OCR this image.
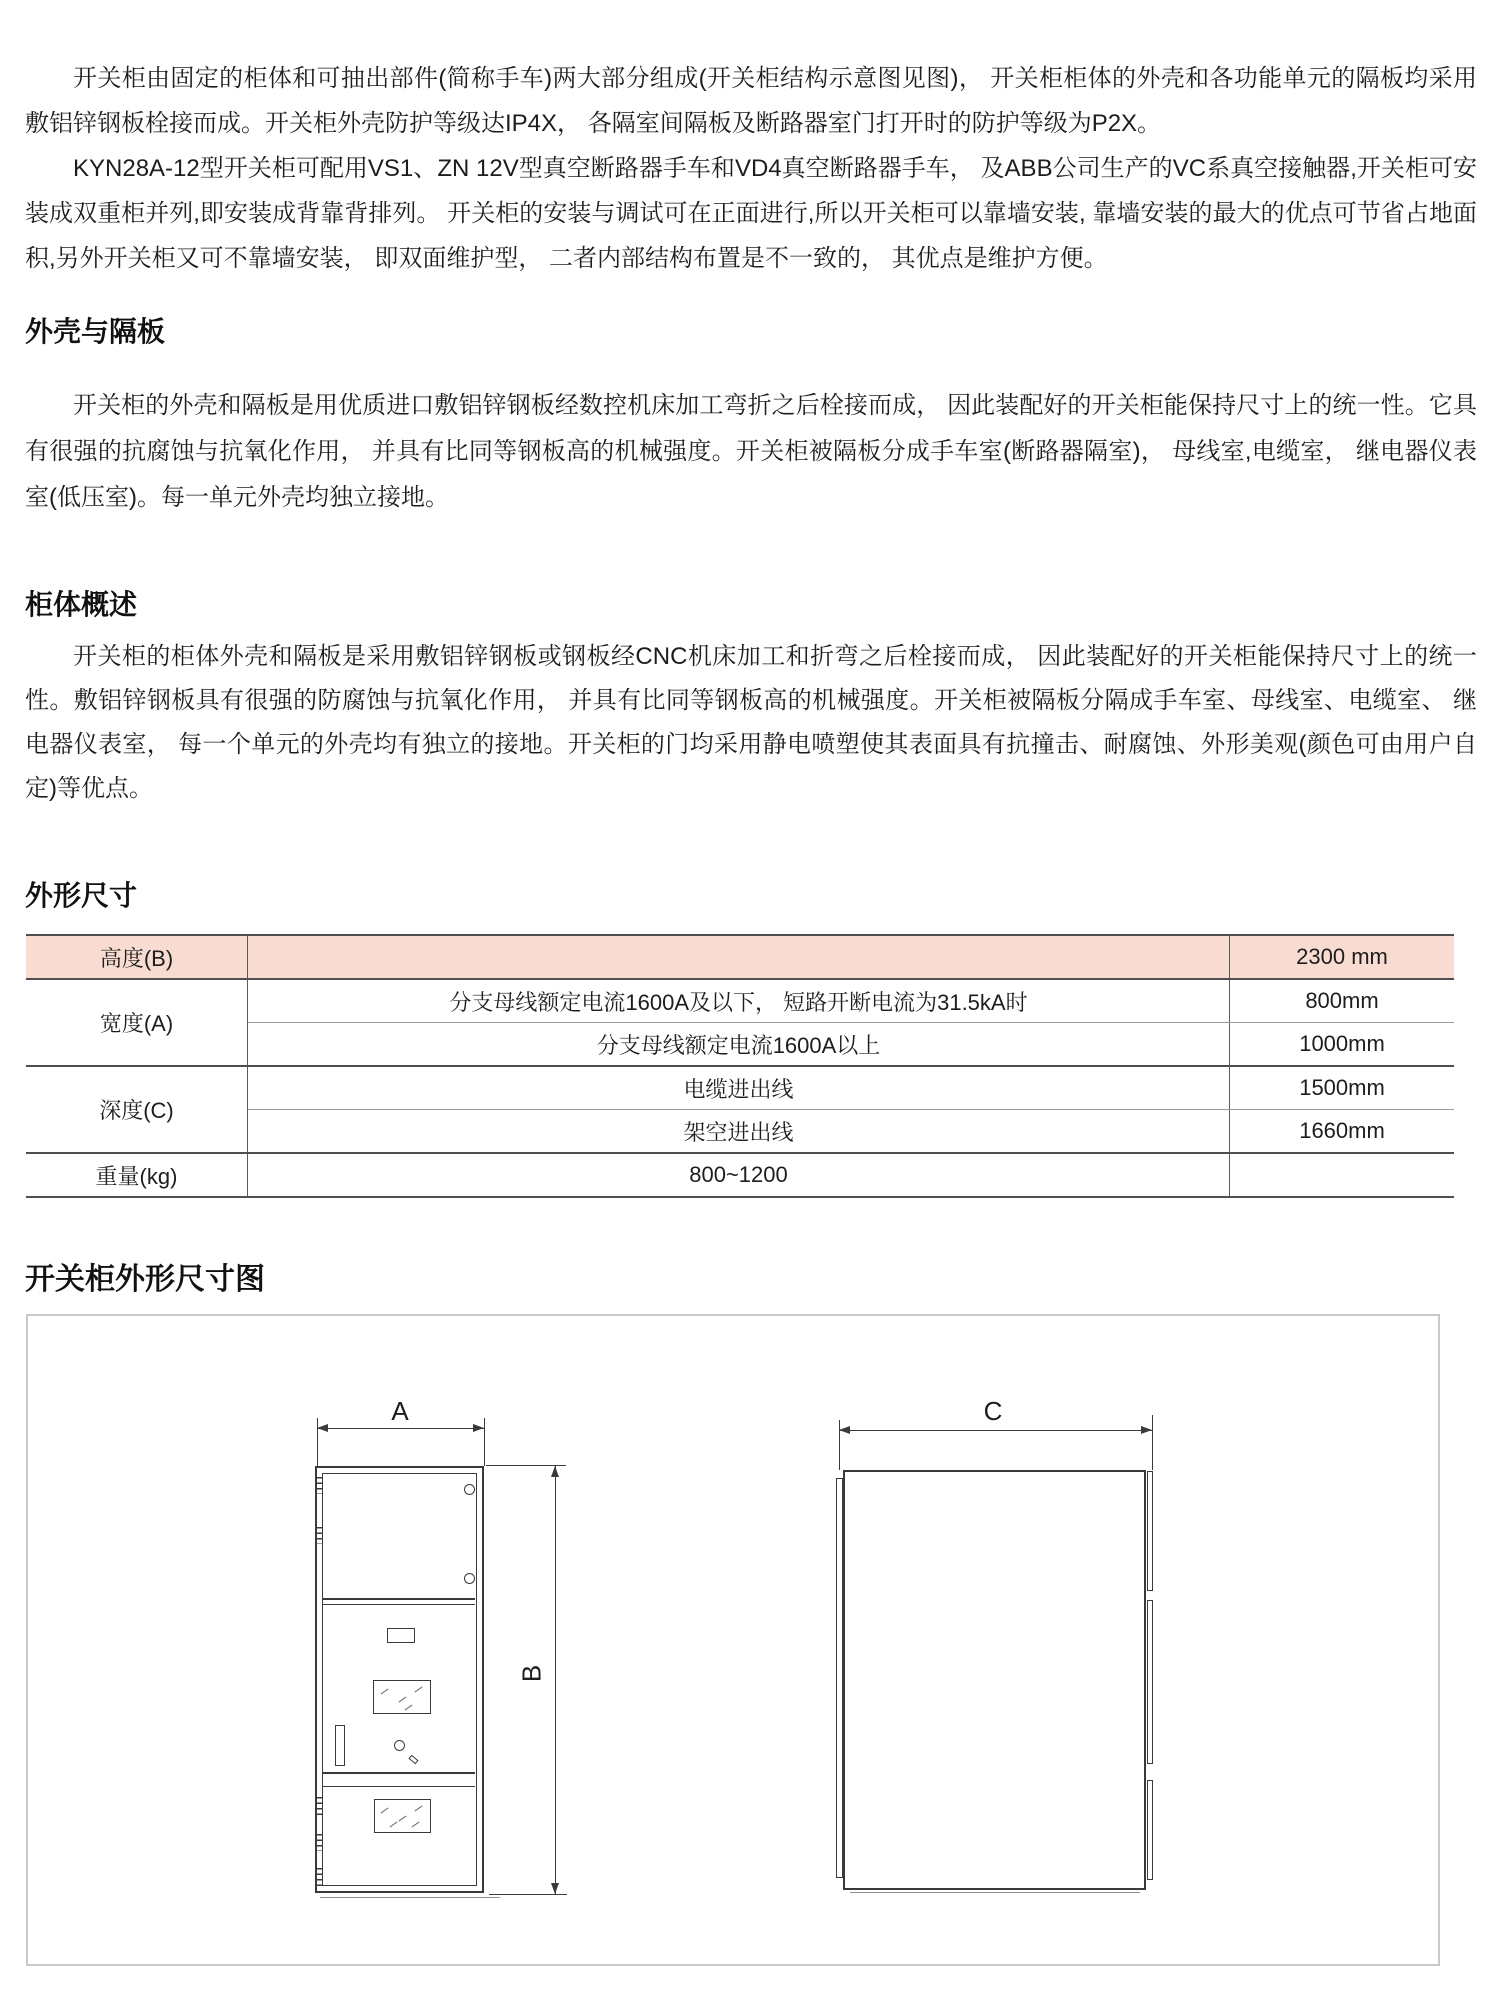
开关柜由固定的柜体和可抽出部件(简称手车)两大部分组成(开关柜结构示意图见图)， 开关柜柜体的外壳和各功能单元的隔板均采用敷铝锌钢板栓接而成。开关柜外壳防护等级达IP4X， 各隔室间隔板及断路器室门打开时的防护等级为P2X。

KYN28A-12型开关柜可配用VS1、ZN 12V型真空断路器手车和VD4真空断路器手车， 及ABB公司生产的VC系真空接触器,开关柜可安装成双重柜并列,即安装成背靠背排列。 开关柜的安装与调试可在正面进行,所以开关柜可以靠墙安装, 靠墙安装的最大的优点可节省占地面积,另外开关柜又可不靠墙安装， 即双面维护型， 二者内部结构布置是不一致的， 其优点是维护方便。

外壳与隔板

开关柜的外壳和隔板是用优质进口敷铝锌钢板经数控机床加工弯折之后栓接而成， 因此装配好的开关柜能保持尺寸上的统一性。它具有很强的抗腐蚀与抗氧化作用， 并具有比同等钢板高的机械强度。开关柜被隔板分成手车室(断路器隔室)， 母线室,电缆室， 继电器仪表室(低压室)。每一单元外壳均独立接地。

柜体概述

开关柜的柜体外壳和隔板是采用敷铝锌钢板或钢板经CNC机床加工和折弯之后栓接而成， 因此装配好的开关柜能保持尺寸上的统一性。敷铝锌钢板具有很强的防腐蚀与抗氧化作用， 并具有比同等钢板高的机械强度。开关柜被隔板分隔成手车室、母线室、电缆室、 继电器仪表室， 每一个单元的外壳均有独立的接地。开关柜的门均采用静电喷塑使其表面具有抗撞击、耐腐蚀、外形美观(颜色可由用户自定)等优点。

外形尺寸
高度(B)		2300 mm
宽度(A)	分支母线额定电流1600A及以下， 短路开断电流为31.5kA时	800mm
	分支母线额定电流1600A以上	1000mm
深度(C)	电缆进出线	1500mm
	架空进出线	1660mm
重量(kg)	800~1200	
开关柜外形尺寸图
A
B
C
